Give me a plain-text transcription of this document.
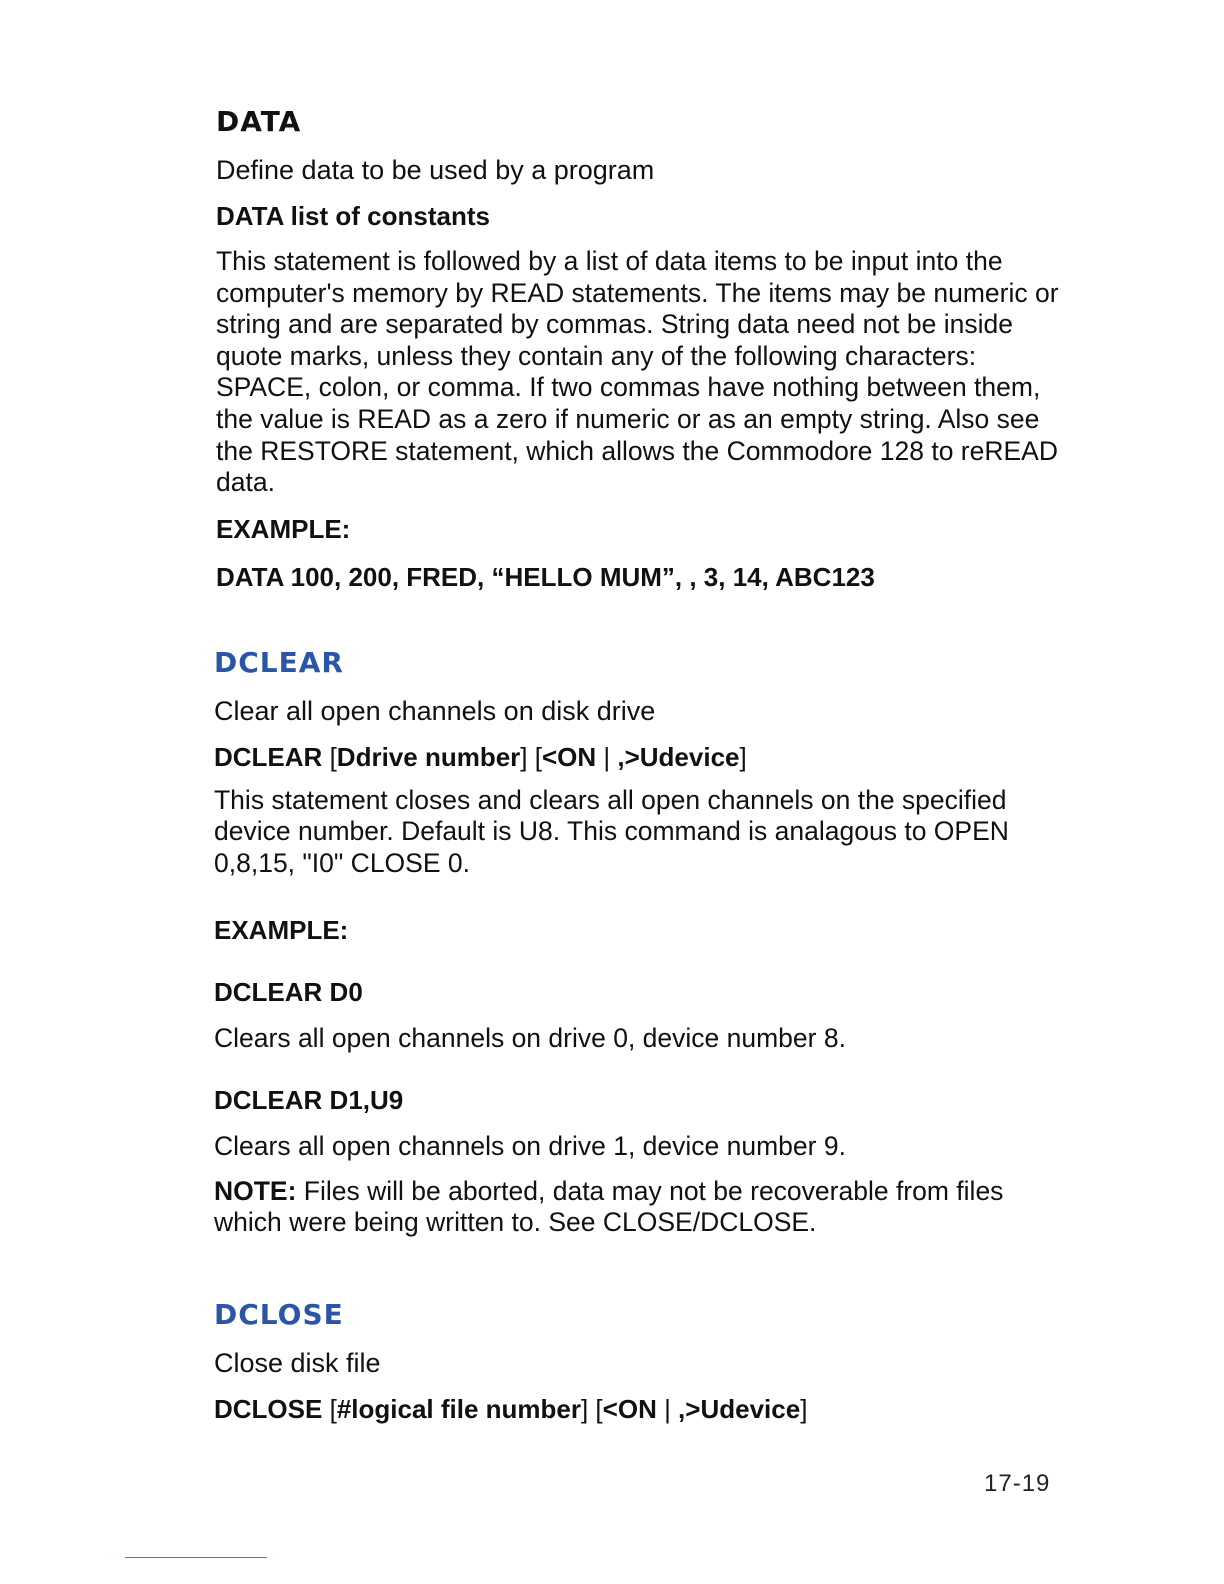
DATA

Define data to be used by a program

DATA list of constants

This statement is followed by a list of data items to be input into the computer's memory by READ statements. The items may be numeric or string and are separated by commas. String data need not be inside quote marks, unless they contain any of the following characters: SPACE, colon, or comma. If two commas have nothing between them, the value is READ as a zero if numeric or as an empty string. Also see the RESTORE statement, which allows the Commodore 128 to reREAD data.

EXAMPLE:

DATA 100, 200, FRED, “HELLO MUM”, , 3, 14, ABC123

DCLEAR

Clear all open channels on disk drive

DCLEAR [Ddrive number] [<ON | ,>Udevice]

This statement closes and clears all open channels on the specified device number. Default is U8. This command is analagous to OPEN 0,8,15, "I0" CLOSE 0.

EXAMPLE:

DCLEAR D0

Clears all open channels on drive 0, device number 8.

DCLEAR D1,U9

Clears all open channels on drive 1, device number 9.

NOTE: Files will be aborted, data may not be recoverable from files which were being written to. See CLOSE/DCLOSE.

DCLOSE

Close disk file

DCLOSE [#logical file number] [<ON | ,>Udevice]

17-19
